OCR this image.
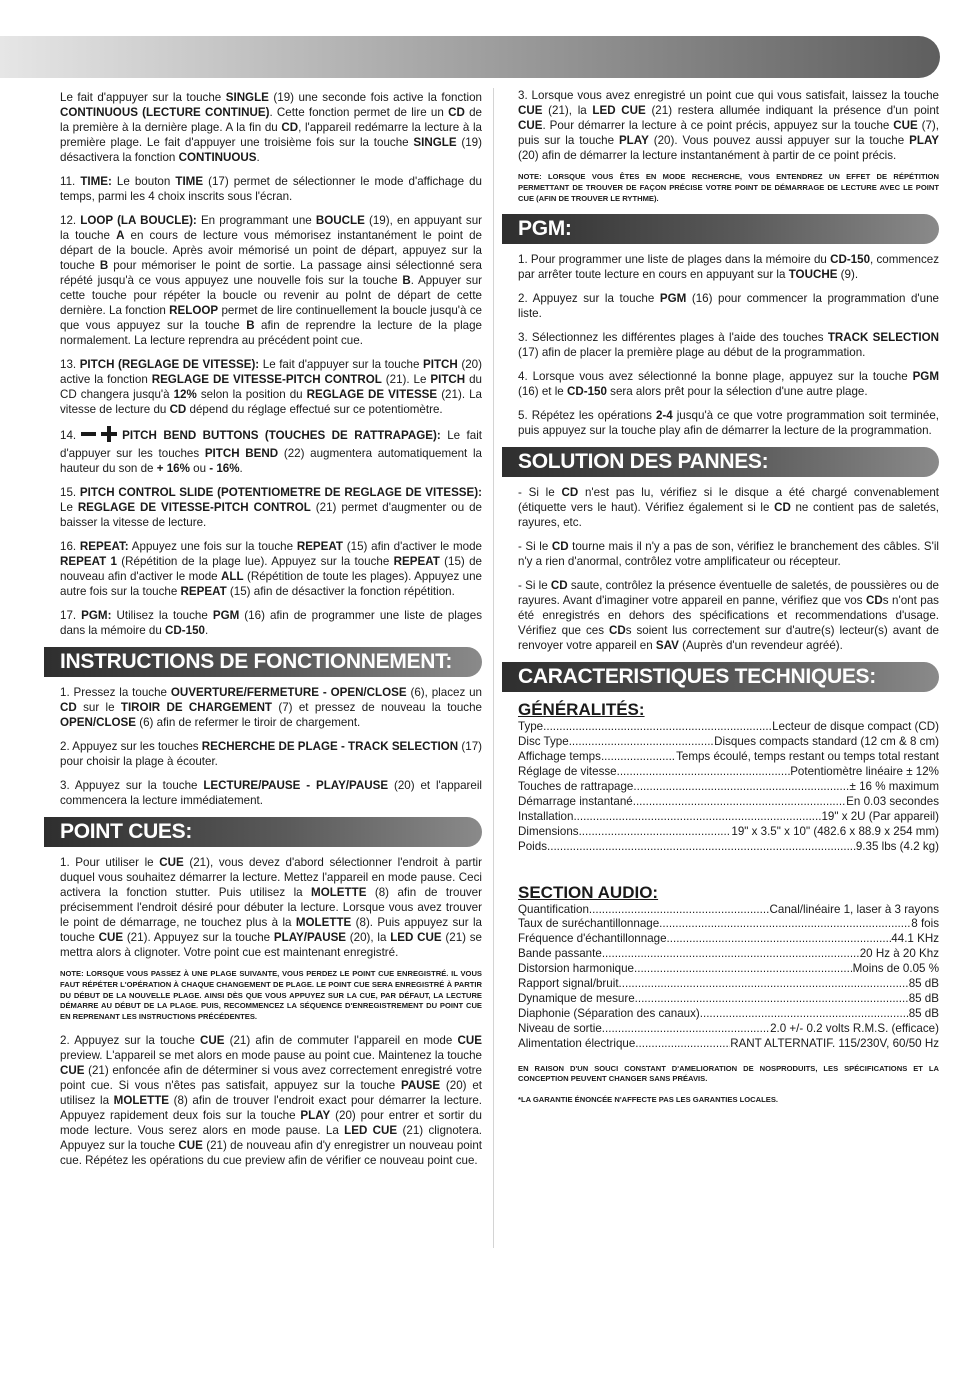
Le fait d'appuyer sur la touche SINGLE (19) une seconde fois active la fonction CONTINUOUS (LECTURE CONTINUE). Cette fonction permet de lire un CD de la première à la dernière plage. A la fin du CD, l'appareil redémarre la lecture à la première plage. Le fait d'appuyer une troisième fois sur la touche SINGLE (19) désactivera la fonction CONTINUOUS.

11. TIME: Le bouton TIME (17) permet de sélectionner le mode d'affichage du temps, parmi les 4 choix inscrits sous l'écran.

12. LOOP (LA BOUCLE): En programmant une BOUCLE (19), en appuyant sur la touche A en cours de lecture vous mémorisez instantanément le point de départ de la boucle. Après avoir mémorisé un point de départ, appuyez sur la touche B pour mémoriser le point de sortie. La passage ainsi sélectionné sera répété jusqu'à ce vous appuyez une nouvelle fois sur la touche B. Appuyer sur cette touche pour répéter la boucle ou revenir au poInt de départ de cette dernière. La fonction RELOOP permet de lire continuellement la boucle jusqu'à ce que vous appuyez sur la touche B afin de reprendre la lecture de la plage normalement. La lecture reprendra au précédent point cue.

13. PITCH (REGLAGE DE VITESSE): Le fait d'appuyer sur la touche PITCH (20) active la fonction REGLAGE DE VITESSE-PITCH CONTROL (21). Le PITCH du CD changera jusqu'à 12% selon la position du REGLAGE DE VITESSE (21). La vitesse de lecture du CD dépend du réglage effectué sur ce potentiomètre.

14.	PITCH BEND BUTTONS (TOUCHES DE RATTRAPAGE): Le fait d'appuyer sur les touches PITCH BEND (22) augmentera automatiquement la hauteur du son de + 16% ou - 16%.

15. PITCH CONTROL SLIDE (POTENTIOMETRE DE REGLAGE DE VITESSE): Le REGLAGE DE VITESSE-PITCH CONTROL (21) permet d'augmenter ou de baisser la vitesse de lecture.

16. REPEAT: Appuyez une fois sur la touche REPEAT (15) afin d'activer le mode REPEAT 1 (Répétition de la plage lue). Appuyez sur la touche REPEAT (15) de nouveau afin d'activer le mode ALL (Répétition de toute les plages). Appuyez une autre fois sur la touche REPEAT (15) afin de désactiver la fonction répétition.

17. PGM: Utilisez la touche PGM (16) afin de programmer une liste de plages dans la mémoire du CD-150.

INSTRUCTIONS DE FONCTIONNEMENT:

1. Pressez la touche OUVERTURE/FERMETURE - OPEN/CLOSE (6), placez un CD sur le TIROIR DE CHARGEMENT (7) et pressez de nouveau la touche OPEN/CLOSE (6) afin de refermer le tiroir de chargement.

2. Appuyez sur les touches RECHERCHE DE PLAGE - TRACK SELECTION (17) pour choisir la plage à écouter.

3. Appuyez sur la touche LECTURE/PAUSE - PLAY/PAUSE (20) et l'appareil commencera la lecture immédiatement.

POINT CUES:

1. Pour utiliser le CUE (21), vous devez d'abord sélectionner l'endroit à partir duquel vous souhaitez démarrer la lecture. Mettez l'appareil en mode pause. Ceci activera la fonction stutter. Puis utilisez la MOLETTE (8) afin de trouver précisemment l'endroit désiré pour débuter la lecture. Lorsque vous avez trouver le point de démarrage, ne touchez plus à la MOLETTE (8). Puis appuyez sur la touche CUE (21). Appuyez sur la touche PLAY/PAUSE (20), la LED CUE (21) se mettra alors à clignoter. Votre point cue est maintenant enregistré.

NOTE: LORSQUE VOUS PASSEZ À UNE PLAGE SUIVANTE, VOUS PERDEZ LE POINT CUE ENREGISTRÉ. IL VOUS FAUT RÉPÉTER L'OPÉRATION À CHAQUE CHANGEMENT DE PLAGE. LE POINT CUE SERA ENREGISTRÉ À PARTIR DU DÉBUT DE LA NOUVELLE PLAGE. AINSI DÈS QUE VOUS APPUYEZ SUR LA CUE, PAR DÉFAUT, LA LECTURE DÉMARRE AU DÉBUT DE LA PLAGE. PUIS, RECOMMENCEZ LA SÉQUENCE D'ENREGISTREMENT DU POINT CUE EN REPRENANT LES INSTRUCTIONS PRÉCÉDENTES.

2. Appuyez sur la touche CUE (21) afin de commuter l'appareil en mode CUE preview. L'appareil se met alors en mode pause au point cue. Maintenez la touche CUE (21) enfoncée afin de déterminer si vous avez correctement enregistré votre point cue. Si vous n'êtes pas satisfait, appuyez sur la touche PAUSE (20) et utilisez la MOLETTE (8) afin de trouver l'endroit exact pour démarrer la lecture. Appuyez rapidement deux fois sur la touche PLAY (20) pour entrer et sortir du mode lecture. Vous serez alors en mode pause. La LED CUE (21) clignotera. Appuyez sur la touche CUE (21) de nouveau afin d'y enregistrer un nouveau point cue. Répétez les opérations du cue preview afin de vérifier ce nouveau point cue.

3. Lorsque vous avez enregistré un point cue qui vous satisfait, laissez la touche CUE (21), la LED CUE (21) restera allumée indiquant la présence d'un point CUE. Pour démarrer la lecture à ce point précis, appuyez sur la touche CUE (7), puis sur la touche PLAY (20). Vous pouvez aussi appuyer sur la touche PLAY (20) afin de démarrer la lecture instantanément à partir de ce point précis.

NOTE: LORSQUE VOUS ÊTES EN MODE RECHERCHE, VOUS ENTENDREZ UN EFFET DE RÉPÉTITION PERMETTANT DE TROUVER DE FAÇON PRÉCISE VOTRE POINT DE DÉMARRAGE DE LECTURE AVEC LE POINT CUE (AFIN DE TROUVER LE RYTHME).

PGM:

1. Pour programmer une liste de plages dans la mémoire du CD-150, commencez par arrêter toute lecture en cours en appuyant sur la TOUCHE (9).

2. Appuyez sur la touche PGM (16) pour commencer la programmation d'une liste.

3. Sélectionnez les différentes plages à l'aide des touches TRACK SELECTION (17) afin de placer la première plage au début de la programmation.

4. Lorsque vous avez sélectionné la bonne plage, appuyez sur la touche PGM (16) et le CD-150 sera alors prêt pour la sélection d'une autre plage.

5. Répétez les opérations 2-4 jusqu'à ce que votre programmation soit terminée, puis appuyez sur la touche play afin de démarrer la lecture de la programmation.

SOLUTION DES PANNES:

- Si le CD n'est pas lu, vérifiez si le disque a été chargé convenablement (étiquette vers le haut). Vérifiez également si le CD ne contient pas de saletés, rayures, etc.

- Si le CD tourne mais il n'y a pas de son, vérifiez le branchement des câbles. S'il n'y a rien d'anormal, contrôlez votre amplificateur ou récepteur.

- Si le CD saute, contrôlez la présence éventuelle de saletés, de poussières ou de rayures. Avant d'imaginer votre appareil en panne, vérifiez que vos CDs n'ont pas été enregistrés en dehors des spécifications et recommendations d'usage. Vérifiez que ces CDs soient lus correctement sur d'autre(s) lecteur(s) avant de renvoyer votre appareil en SAV (Auprès d'un revendeur agréé).

CARACTERISTIQUES TECHNIQUES:
GÉNÉRALITÉS:
Type .....	Lecteur de disque compact (CD)
Disc Type .....	Disques compacts standard (12 cm & 8 cm)
Affichage temps .....	Temps écoulé, temps restant ou temps total restant
Réglage de vitesse .....	Potentiomètre linéaire ± 12%
Touches de rattrapage .....	± 16 % maximum
Démarrage instantané .....	En 0.03 secondes
Installation .....	19" x 2U (Par appareil)
Dimensions .....	19" x 3.5" x 10" (482.6 x 88.9 x 254 mm)
Poids .....	9.35 lbs (4.2 kg)
SECTION AUDIO:
Quantification .....	Canal/linéaire 1, laser à 3 rayons
Taux de suréchantillonnage .....	8 fois
Fréquence d'échantillonnage .....	44.1 KHz
Bande passante .....	20 Hz à 20 Khz
Distorsion harmonique .....	Moins de 0.05 %
Rapport signal/bruit .....	85 dB
Dynamique de mesure .....	85 dB
Diaphonie (Séparation des canaux) .....	85 dB
Niveau de sortie .....	2.0 +/- 0.2 volts R.M.S. (efficace)
Alimentation électrique .....	RANT ALTERNATIF. 115/230V, 60/50 Hz

EN RAISON D'UN SOUCI CONSTANT D'AMELIORATION DE NOSPRODUITS, LES SPÉCIFICATIONS ET LA CONCEPTION PEUVENT CHANGER SANS PRÉAVIS.

*LA GARANTIE ÉNONCÉE N'AFFECTE PAS LES GARANTIES LOCALES.
